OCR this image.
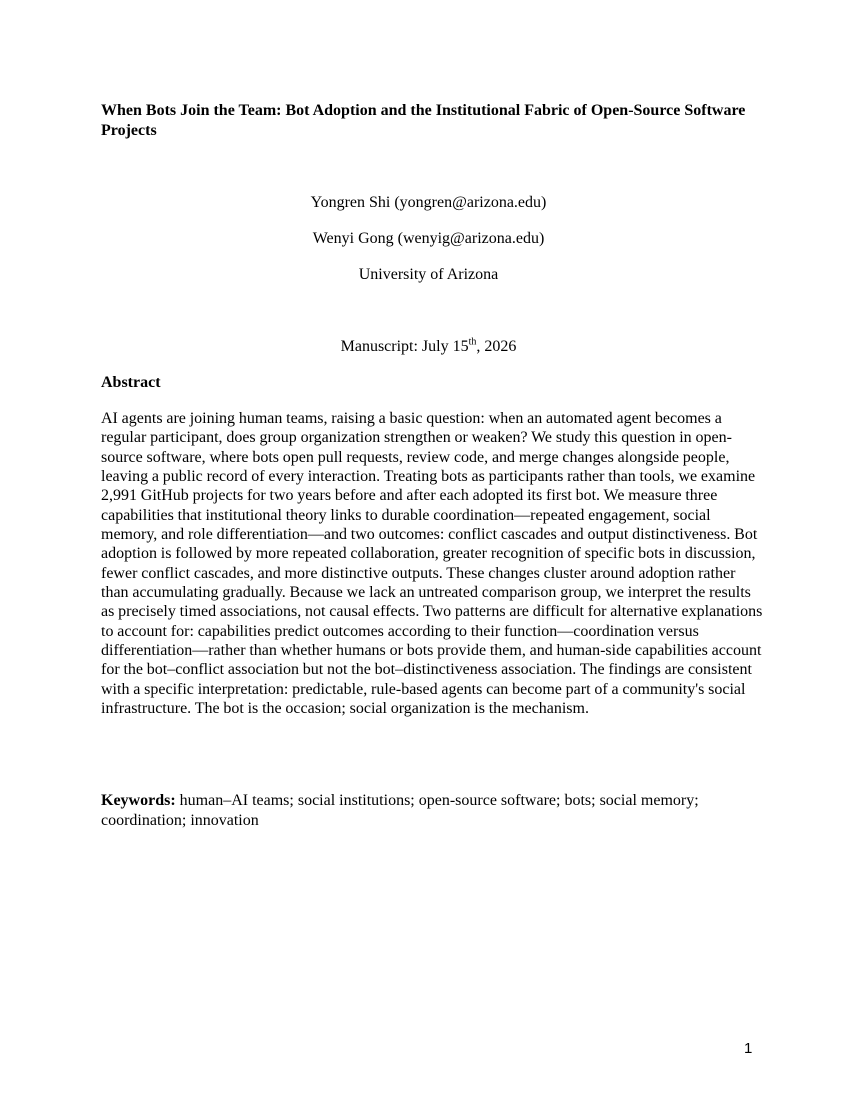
When Bots Join the Team: Bot Adoption and the Institutional Fabric of Open-Source Software Projects

Yongren Shi (yongren@arizona.edu)

Wenyi Gong (wenyig@arizona.edu)

University of Arizona

Manuscript: July 15th, 2026

Abstract

AI agents are joining human teams, raising a basic question: when an automated agent becomes a regular participant, does group organization strengthen or weaken? We study this question in open-source software, where bots open pull requests, review code, and merge changes alongside people, leaving a public record of every interaction. Treating bots as participants rather than tools, we examine 2,991 GitHub projects for two years before and after each adopted its first bot. We measure three capabilities that institutional theory links to durable coordination—repeated engagement, social memory, and role differentiation—and two outcomes: conflict cascades and output distinctiveness. Bot adoption is followed by more repeated collaboration, greater recognition of specific bots in discussion, fewer conflict cascades, and more distinctive outputs. These changes cluster around adoption rather than accumulating gradually. Because we lack an untreated comparison group, we interpret the results as precisely timed associations, not causal effects. Two patterns are difficult for alternative explanations to account for: capabilities predict outcomes according to their function—coordination versus differentiation—rather than whether humans or bots provide them, and human-side capabilities account for the bot–conflict association but not the bot–distinctiveness association. The findings are consistent with a specific interpretation: predictable, rule-based agents can become part of a community's social infrastructure. The bot is the occasion; social organization is the mechanism.

Keywords: human–AI teams; social institutions; open-source software; bots; social memory; coordination; innovation

1
